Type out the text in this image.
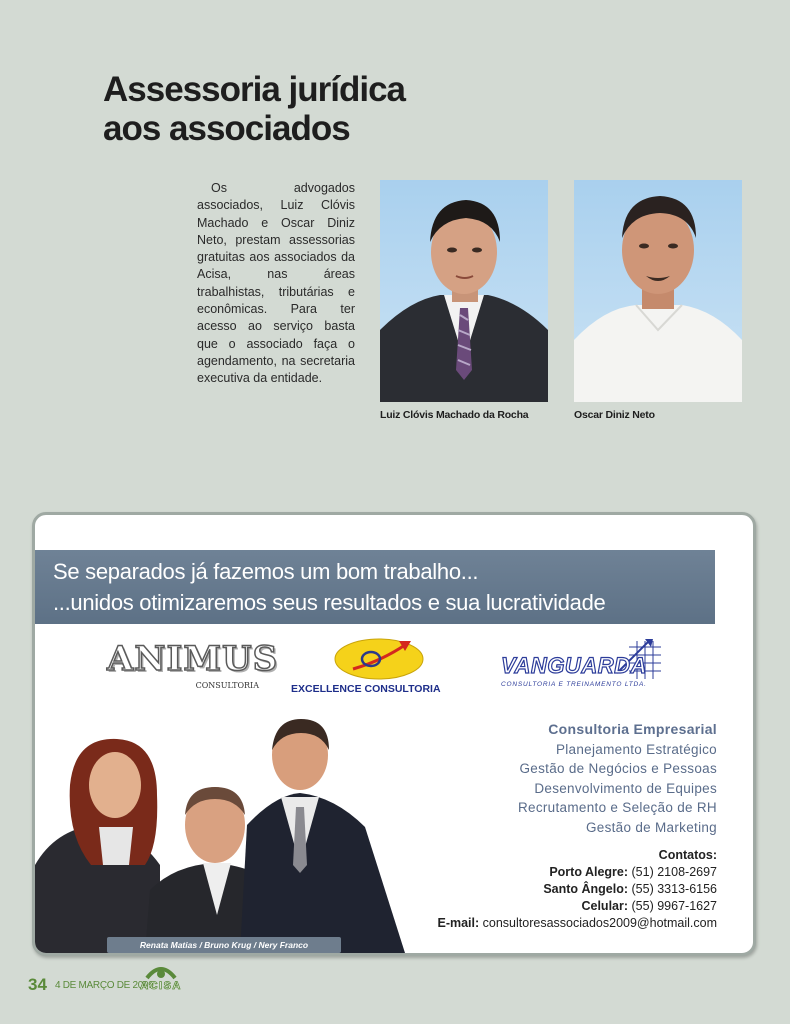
Assessoria jurídica
aos associados
Os advogados associados, Luiz Clóvis Machado e Oscar Diniz Neto, prestam assessorias gratuitas aos associados da Acisa, nas áreas trabalhistas, tributárias e econômicas. Para ter acesso ao serviço basta que o associado faça o agendamento, na secretaria executiva da entidade.
Luiz Clóvis Machado da Rocha	Oscar Diniz Neto
Se separados já fazemos um bom trabalho...
...unidos otimizaremos seus resultados e sua lucratividade
ANIMUS
CONSULTORIA	EXCELLENCE CONSULTORIA
VANGUARDA
CONSULTORIA E TREINAMENTO LTDA.
Consultoria Empresarial
Planejamento Estratégico
Gestão de Negócios e Pessoas
Desenvolvimento de Equipes
Recrutamento e Seleção de RH
Gestão de Marketing
Contatos:
Porto Alegre: (51) 2108-2697
Santo Ângelo: (55) 3313-6156
Celular: (55) 9967-1627
E-mail: consultoresassociados2009@hotmail.com
Renata Matias / Bruno Krug / Nery Franco
34 4 DE MARÇO DE 2009
ACISA
